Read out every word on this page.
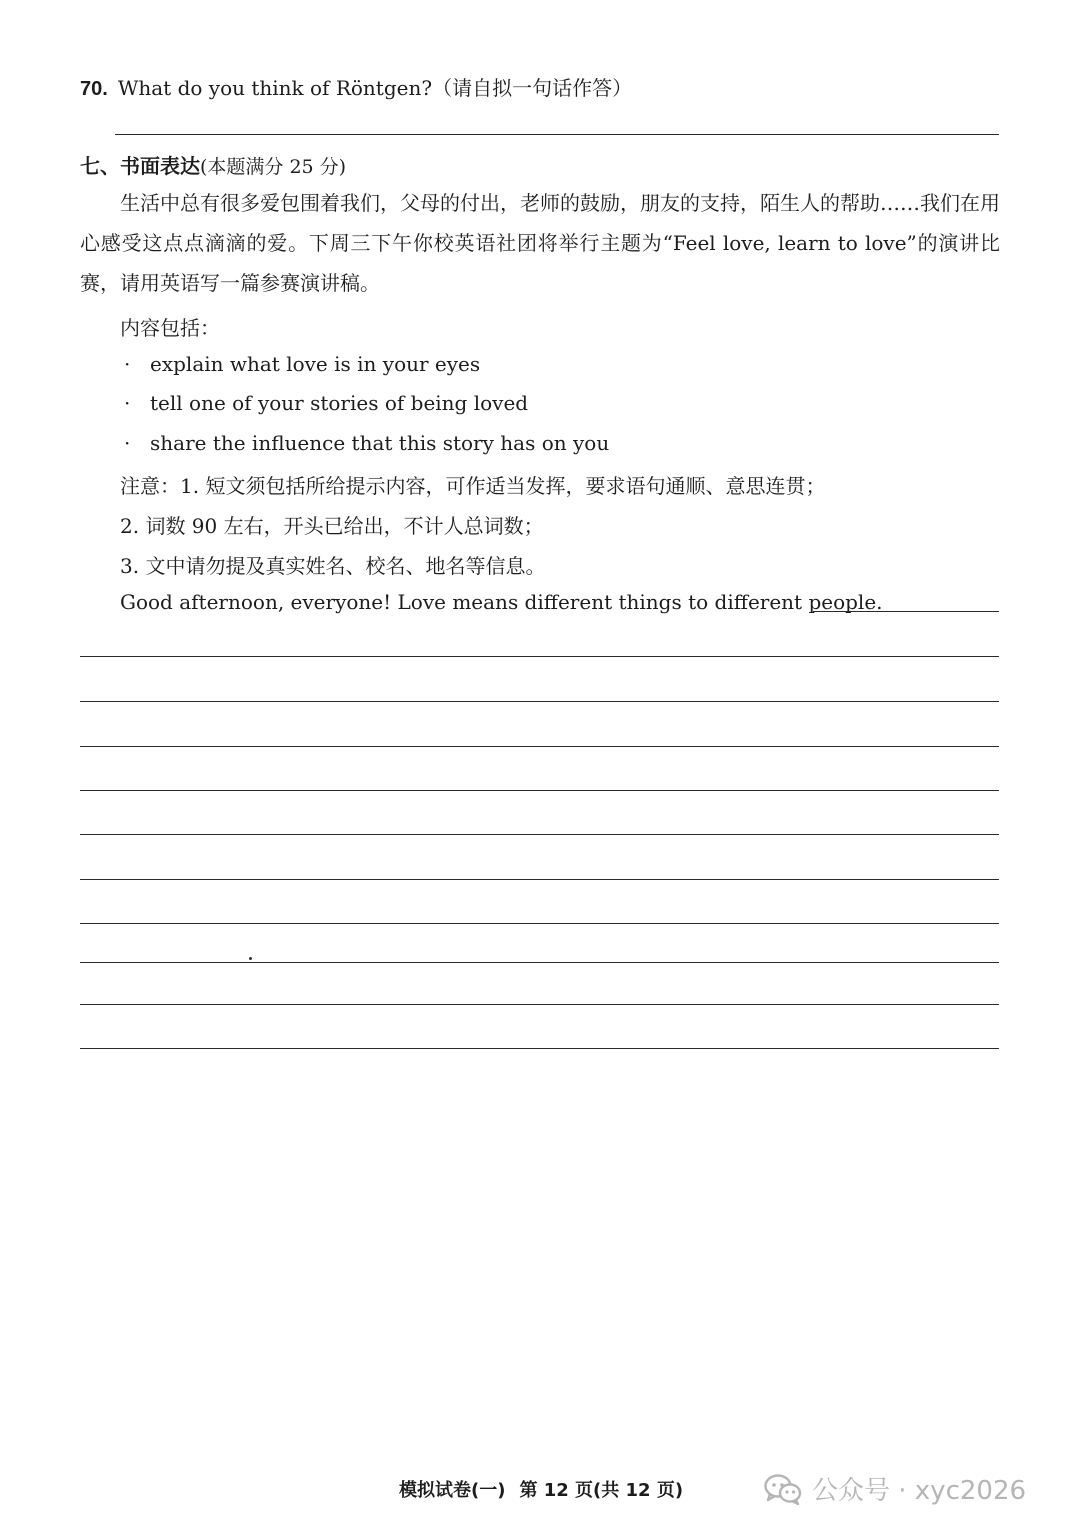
70. What do you think of Röntgen?（请自拟一句话作答）
七、书面表达(本题满分 25 分)
生活中总有很多爱包围着我们，父母的付出，老师的鼓励，朋友的支持，陌生人的帮助……我们在用心感受这点点滴滴的爱。下周三下午你校英语社团将举行主题为“Feel love, learn to love”的演讲比赛，请用英语写一篇参赛演讲稿。
内容包括：
· explain what love is in your eyes
· tell one of your stories of being loved
· share the influence that this story has on you
注意：1. 短文须包括所给提示内容，可作适当发挥，要求语句通顺、意思连贯；
2. 词数 90 左右，开头已给出，不计人总词数；
3. 文中请勿提及真实姓名、校名、地名等信息。
Good afternoon, everyone! Love means different things to different people.
模拟试卷(一) 第 12 页(共 12 页)	公众号 · xyc2026
